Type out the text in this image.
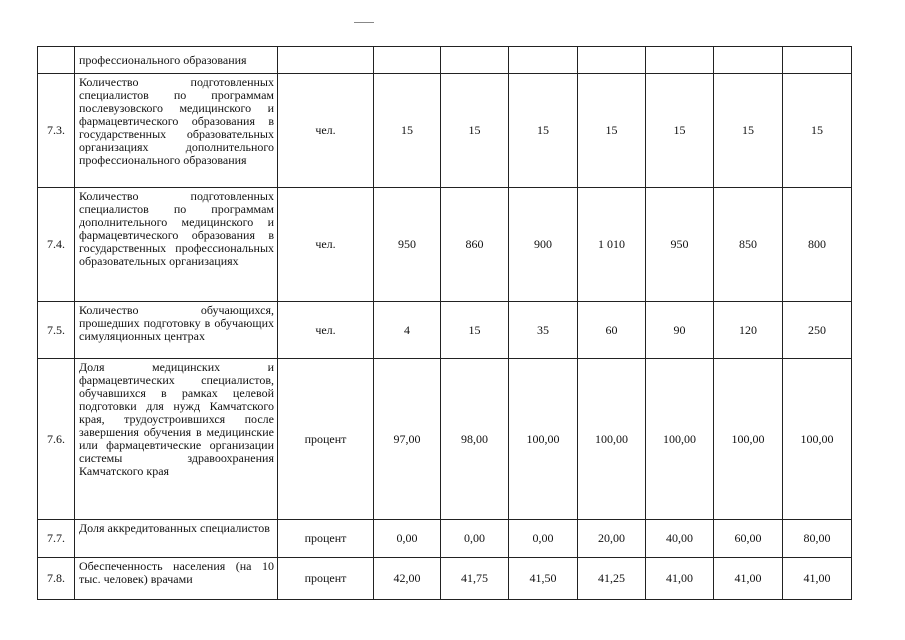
	профессионального образования								
7.3.	Количество подготовленных специалистов по программам послевузовского медицинского и фармацевтического образования в государственных образовательных организациях дополнительного профессионального образования	чел.	15	15	15	15	15	15	15
7.4.	Количество подготовленных специалистов по программам дополнительного медицинского и фармацевтического образования в государственных профессиональных образовательных организациях	чел.	950	860	900	1 010	950	850	800
7.5.	Количество обучающихся, прошедших подготовку в обучающих симуляционных центрах	чел.	4	15	35	60	90	120	250
7.6.	Доля медицинских и фармацевтических специалистов, обучавшихся в рамках целевой подготовки для нужд Камчатского края, трудоустроившихся после завершения обучения в медицинские или фармацевтические организации системы здравоохранения Камчатского края	процент	97,00	98,00	100,00	100,00	100,00	100,00	100,00
7.7.	Доля аккредитованных специалистов	процент	0,00	0,00	0,00	20,00	40,00	60,00	80,00
7.8.	Обеспеченность населения (на 10 тыс. человек) врачами	процент	42,00	41,75	41,50	41,25	41,00	41,00	41,00
